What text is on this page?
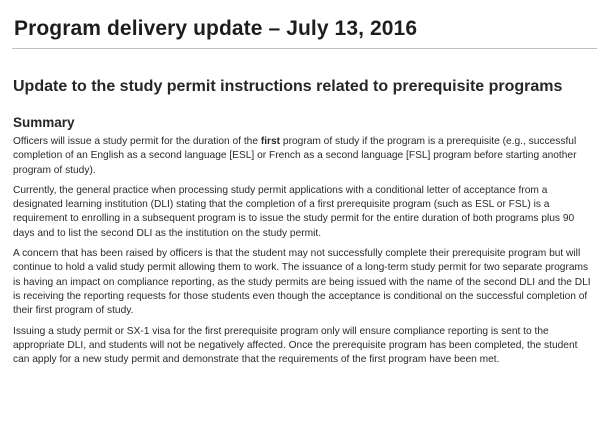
Program delivery update – July 13, 2016
Update to the study permit instructions related to prerequisite programs
Summary

Officers will issue a study permit for the duration of the first program of study if the program is a prerequisite (e.g., successful completion of an English as a second language [ESL] or French as a second language [FSL] program before starting another program of study).

Currently, the general practice when processing study permit applications with a conditional letter of acceptance from a designated learning institution (DLI) stating that the completion of a first prerequisite program (such as ESL or FSL) is a requirement to enrolling in a subsequent program is to issue the study permit for the entire duration of both programs plus 90 days and to list the second DLI as the institution on the study permit.

A concern that has been raised by officers is that the student may not successfully complete their prerequisite program but will continue to hold a valid study permit allowing them to work. The issuance of a long-term study permit for two separate programs is having an impact on compliance reporting, as the study permits are being issued with the name of the second DLI and the DLI is receiving the reporting requests for those students even though the acceptance is conditional on the successful completion of their first program of study.

Issuing a study permit or SX-1 visa for the first prerequisite program only will ensure compliance reporting is sent to the appropriate DLI, and students will not be negatively affected. Once the prerequisite program has been completed, the student can apply for a new study permit and demonstrate that the requirements of the first program have been met.
